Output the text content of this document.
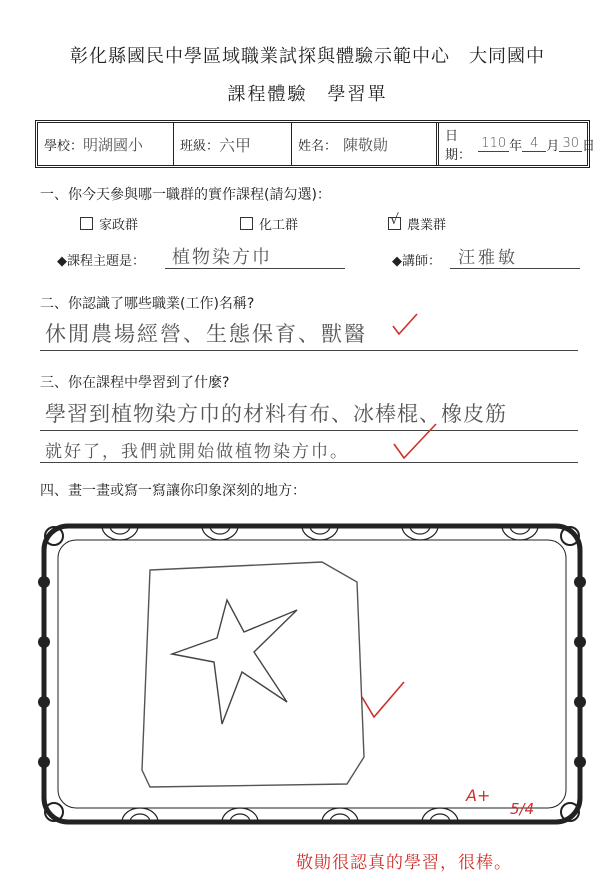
彰化縣國民中學區域職業試探與體驗示範中心　大同國中
課程體驗　學習單
學校： 明湖國小	班級： 六甲	姓名： 陳敬勛	日期：
110 年 4 月 30 日
一、你今天參與哪一職群的實作課程(請勾選)：
家政群	化工群	√ 農業群
◆課程主題是： 植物染方巾	◆講師： 汪雅敏
二、你認識了哪些職業(工作)名稱?
休閒農場經營、生態保育、獸醫
三、你在課程中學習到了什麼?
學習到植物染方巾的材料有布、冰棒棍、橡皮筋
就好了，我們就開始做植物染方巾。
四、畫一畫或寫一寫讓你印象深刻的地方：
A+
5/4
敬勛很認真的學習，很棒。
